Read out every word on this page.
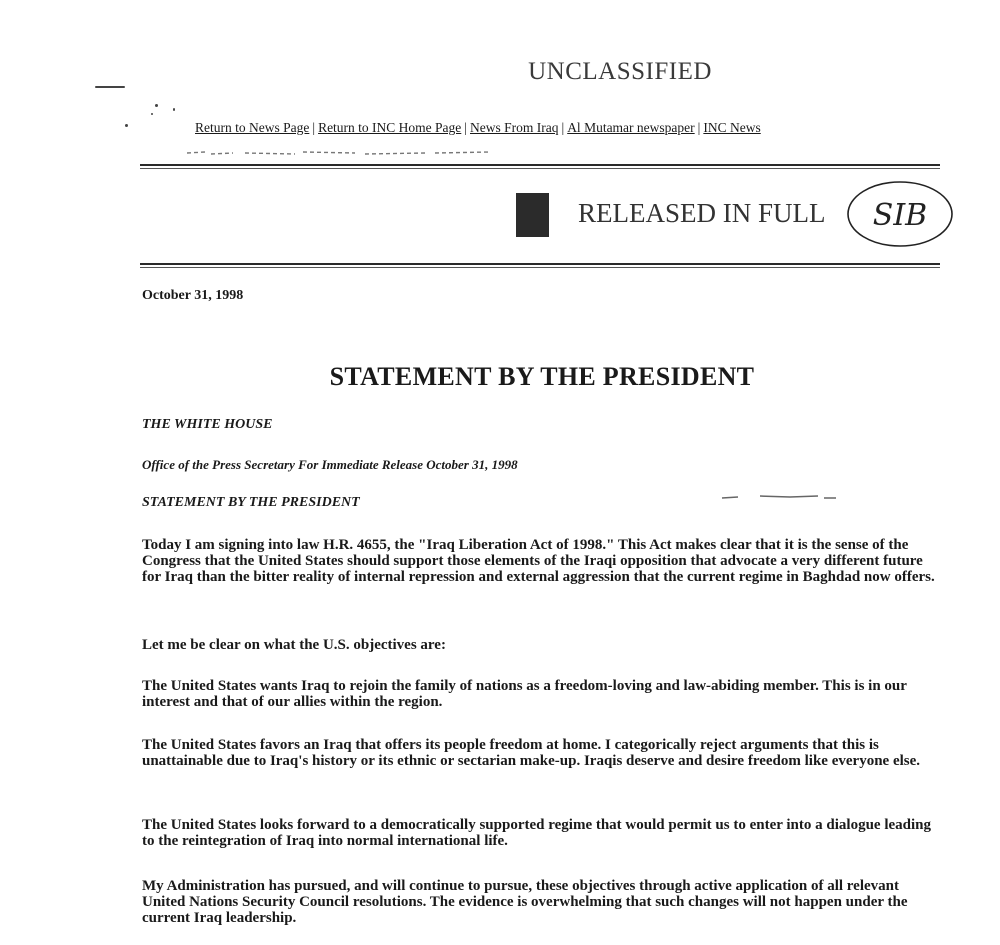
UNCLASSIFIED
Return to News Page | Return to INC Home Page | News From Iraq | Al Mutamar newspaper | INC News
RELEASED IN FULL SIB
October 31, 1998
STATEMENT BY THE PRESIDENT
THE WHITE HOUSE
Office of the Press Secretary For Immediate Release October 31, 1998
STATEMENT BY THE PRESIDENT
Today I am signing into law H.R. 4655, the "Iraq Liberation Act of 1998." This Act makes clear that it is the sense of the Congress that the United States should support those elements of the Iraqi opposition that advocate a very different future for Iraq than the bitter reality of internal repression and external aggression that the current regime in Baghdad now offers.
Let me be clear on what the U.S. objectives are:
The United States wants Iraq to rejoin the family of nations as a freedom-loving and law-abiding member. This is in our interest and that of our allies within the region.
The United States favors an Iraq that offers its people freedom at home. I categorically reject arguments that this is unattainable due to Iraq's history or its ethnic or sectarian make-up. Iraqis deserve and desire freedom like everyone else.
The United States looks forward to a democratically supported regime that would permit us to enter into a dialogue leading to the reintegration of Iraq into normal international life.
My Administration has pursued, and will continue to pursue, these objectives through active application of all relevant United Nations Security Council resolutions. The evidence is overwhelming that such changes will not happen under the current Iraq leadership.
